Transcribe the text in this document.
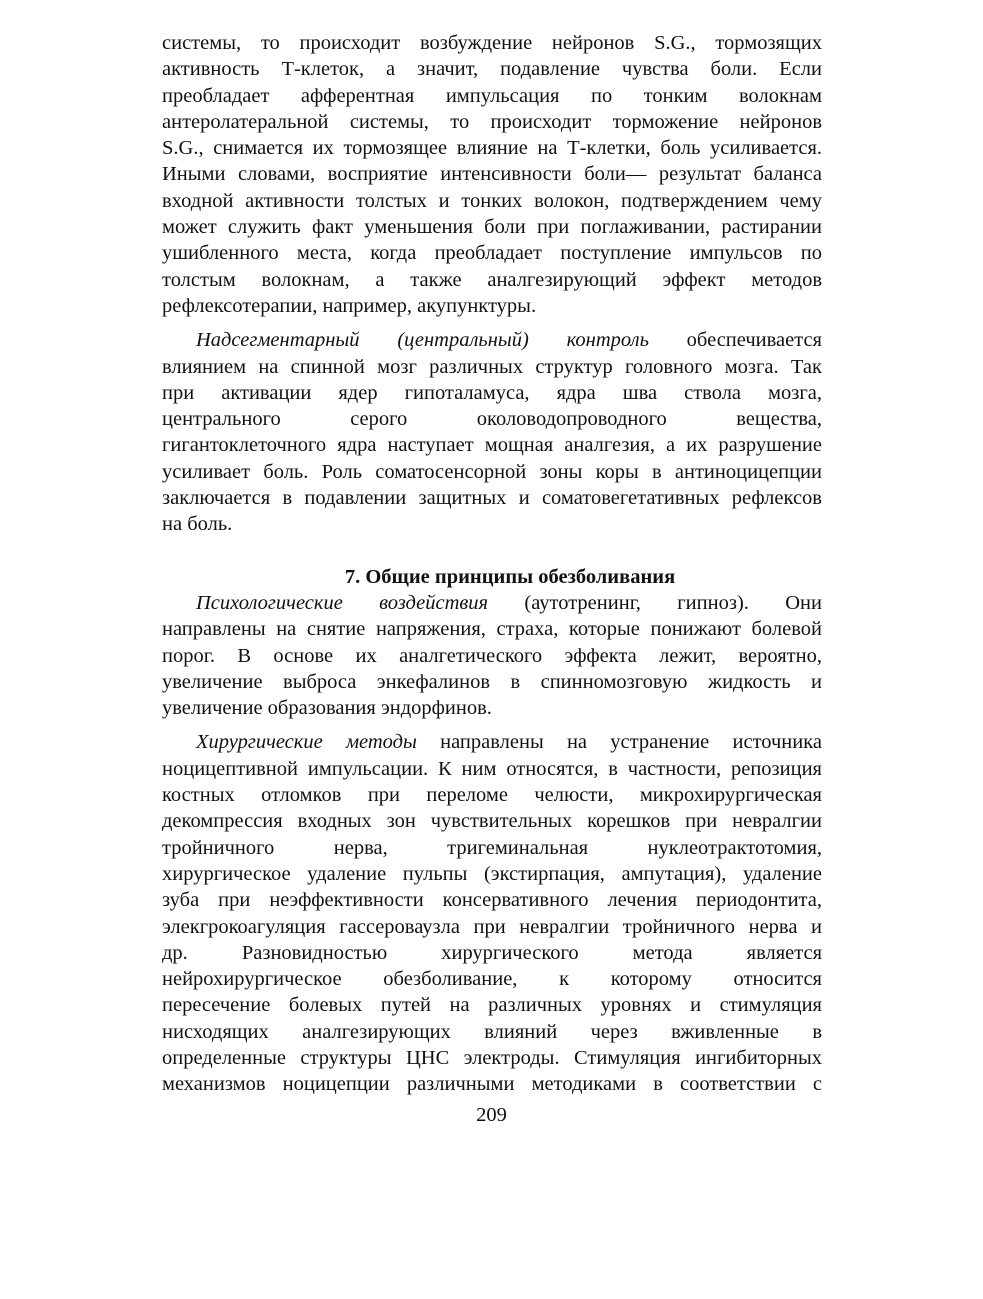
системы, то происходит возбуждение нейронов S.G., тормозящих
активность Т-клеток, а значит, подавление чувства боли. Если
преобладает афферентная импульсация по тонким волокнам
антеролатеральной системы, то происходит торможение нейронов
S.G., снимается их тормозящее влияние на Т-клетки, боль усиливается.
Иными словами, восприятие интенсивности боли— результат баланса
входной активности толстых и тонких волокон, подтверждением чему
может служить факт уменьшения боли при поглаживании, растирании
ушибленного места, когда преобладает поступление импульсов по
толстым волокнам, а также аналгезирующий эффект методов
рефлексотерапии, например, акупунктуры.
Надсегментарный (центральный) контроль обеспечивается
влиянием на спинной мозг различных структур головного мозга. Так
при активации ядер гипоталамуса, ядра шва ствола мозга,
центрального серого околоводопроводного вещества,
гигантоклеточного ядра наступает мощная аналгезия, а их разрушение
усиливает боль. Роль соматосенсорной зоны коры в антиноцицепции
заключается в подавлении защитных и соматовегетативных рефлексов
на боль.
7. Общие принципы обезболивания
Психологические воздействия (аутотренинг, гипноз). Они
направлены на снятие напряжения, страха, которые понижают болевой
порог. В основе их аналгетического эффекта лежит, вероятно,
увеличение выброса энкефалинов в спинномозговую жидкость и
увеличение образования эндорфинов.
Хирургические методы направлены на устранение источника
ноцицептивной импульсации. К ним относятся, в частности, репозиция
костных отломков при переломе челюсти, микрохирургическая
декомпрессия входных зон чувствительных корешков при невралгии
тройничного нерва, тригеминальная нуклеотрактотомия,
хирургическое удаление пульпы (экстирпация, ампутация), удаление
зуба при неэффективности консервативного лечения периодонтита,
элекгрокоагуляция гассероваузла при невралгии тройничного нерва и
др. Разновидностью хирургического метода является
нейрохирургическое обезболивание, к которому относится
пересечение болевых путей на различных уровнях и стимуляция
нисходящих аналгезирующих влияний через вживленные в
определенные структуры ЦНС электроды. Стимуляция ингибиторных
механизмов ноцицепции различными методиками в соответствии с
209
